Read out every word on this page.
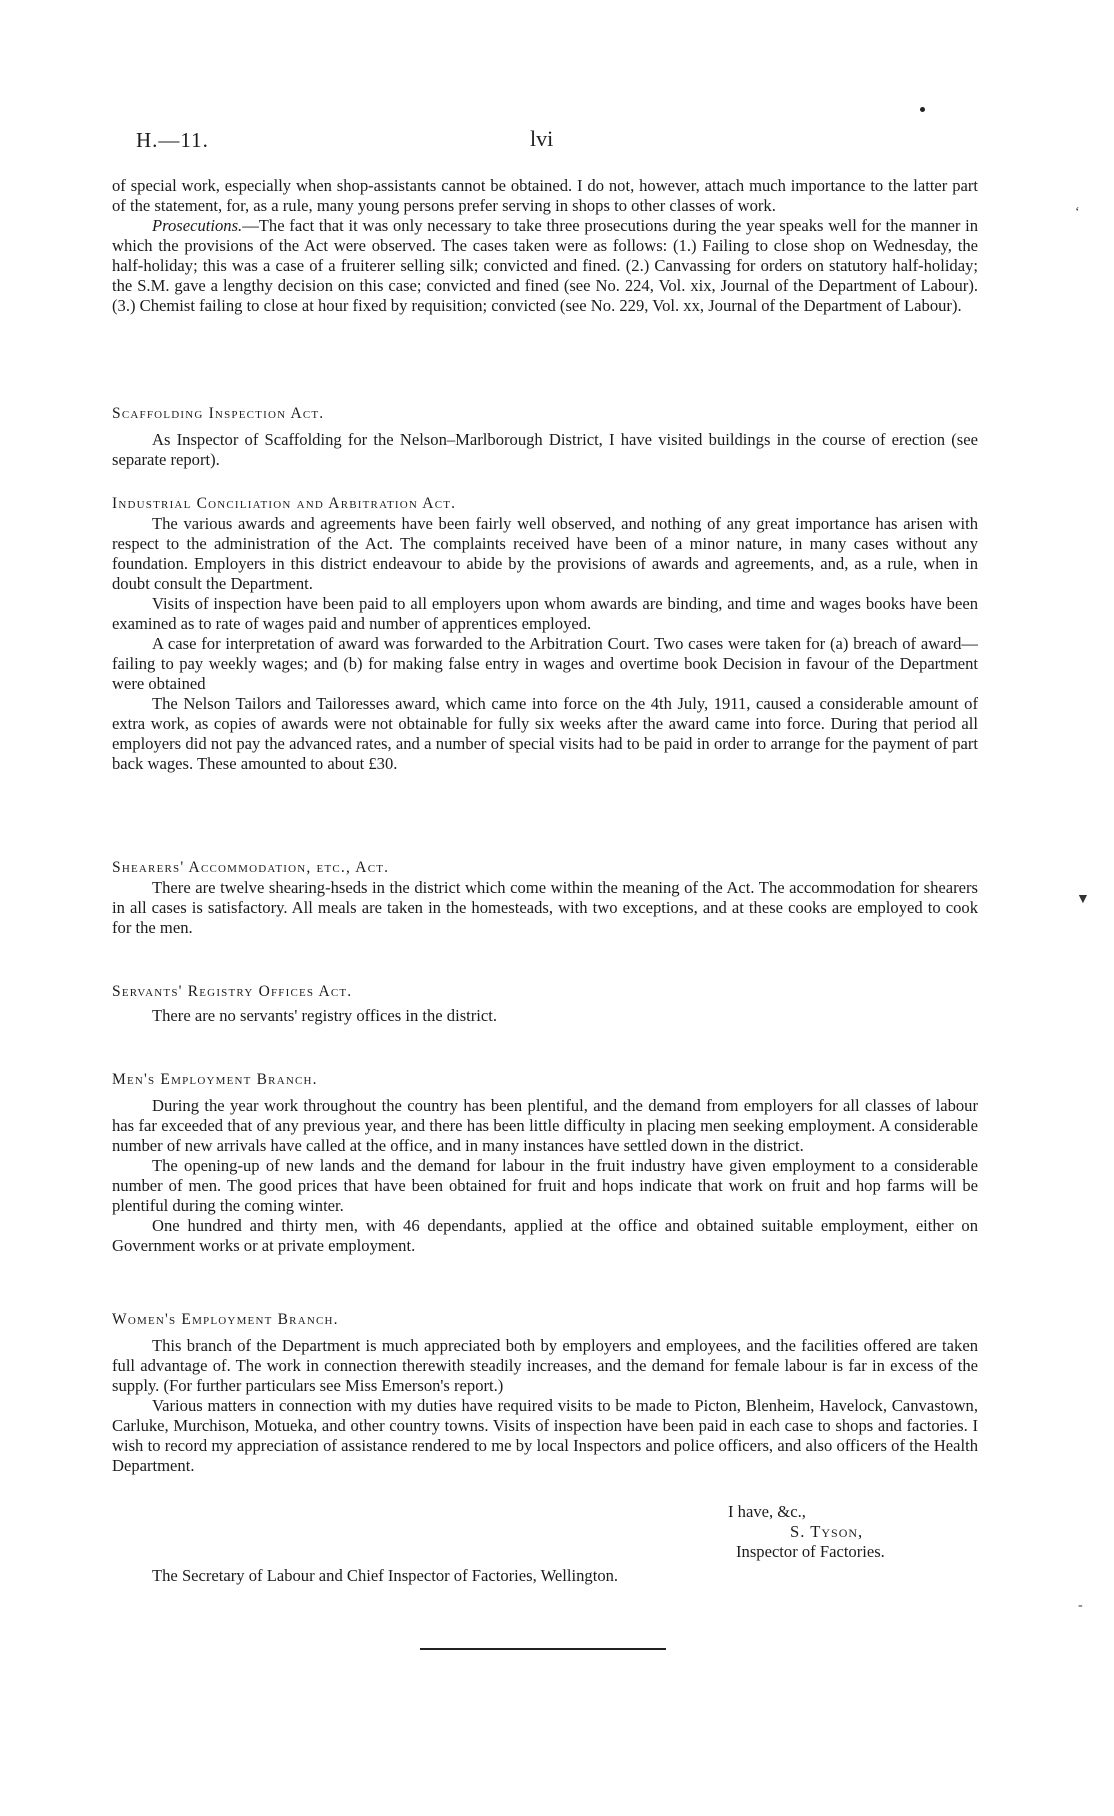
H.—11.	lvi

of special work, especially when shop-assistants cannot be obtained. I do not, however, attach much importance to the latter part of the statement, for, as a rule, many young persons prefer serving in shops to other classes of work.

Prosecutions.—The fact that it was only necessary to take three prosecutions during the year speaks well for the manner in which the provisions of the Act were observed. The cases taken were as follows: (1.) Failing to close shop on Wednesday, the half-holiday; this was a case of a fruiterer selling silk; convicted and fined. (2.) Canvassing for orders on statutory half-holiday; the S.M. gave a lengthy decision on this case; convicted and fined (see No. 224, Vol. xix, Journal of the Department of Labour). (3.) Chemist failing to close at hour fixed by requisition; convicted (see No. 229, Vol. xx, Journal of the Department of Labour).

Scaffolding Inspection Act.

As Inspector of Scaffolding for the Nelson–Marlborough District, I have visited buildings in the course of erection (see separate report).

Industrial Conciliation and Arbitration Act.

The various awards and agreements have been fairly well observed, and nothing of any great importance has arisen with respect to the administration of the Act. The complaints received have been of a minor nature, in many cases without any foundation. Employers in this district endeavour to abide by the provisions of awards and agreements, and, as a rule, when in doubt consult the Department.

Visits of inspection have been paid to all employers upon whom awards are binding, and time and wages books have been examined as to rate of wages paid and number of apprentices employed.

A case for interpretation of award was forwarded to the Arbitration Court. Two cases were taken for (a) breach of award—failing to pay weekly wages; and (b) for making false entry in wages and overtime book Decision in favour of the Department were obtained

The Nelson Tailors and Tailoresses award, which came into force on the 4th July, 1911, caused a considerable amount of extra work, as copies of awards were not obtainable for fully six weeks after the award came into force. During that period all employers did not pay the advanced rates, and a number of special visits had to be paid in order to arrange for the payment of part back wages. These amounted to about £30.

Shearers' Accommodation, etc., Act.

There are twelve shearing-hseds in the district which come within the meaning of the Act. The accommodation for shearers in all cases is satisfactory. All meals are taken in the homesteads, with two exceptions, and at these cooks are employed to cook for the men.

Servants' Registry Offices Act.

There are no servants' registry offices in the district.

Men's Employment Branch.

During the year work throughout the country has been plentiful, and the demand from employers for all classes of labour has far exceeded that of any previous year, and there has been little difficulty in placing men seeking employment. A considerable number of new arrivals have called at the office, and in many instances have settled down in the district.

The opening-up of new lands and the demand for labour in the fruit industry have given employment to a considerable number of men. The good prices that have been obtained for fruit and hops indicate that work on fruit and hop farms will be plentiful during the coming winter.

One hundred and thirty men, with 46 dependants, applied at the office and obtained suitable employment, either on Government works or at private employment.

Women's Employment Branch.

This branch of the Department is much appreciated both by employers and employees, and the facilities offered are taken full advantage of. The work in connection therewith steadily increases, and the demand for female labour is far in excess of the supply. (For further particulars see Miss Emerson's report.)

Various matters in connection with my duties have required visits to be made to Picton, Blenheim, Havelock, Canvastown, Carluke, Murchison, Motueka, and other country towns. Visits of inspection have been paid in each case to shops and factories. I wish to record my appreciation of assistance rendered to me by local Inspectors and police officers, and also officers of the Health Department.

I have, &c.,
S. Tyson,
Inspector of Factories.
The Secretary of Labour and Chief Inspector of Factories, Wellington.
‘
▼
‐
